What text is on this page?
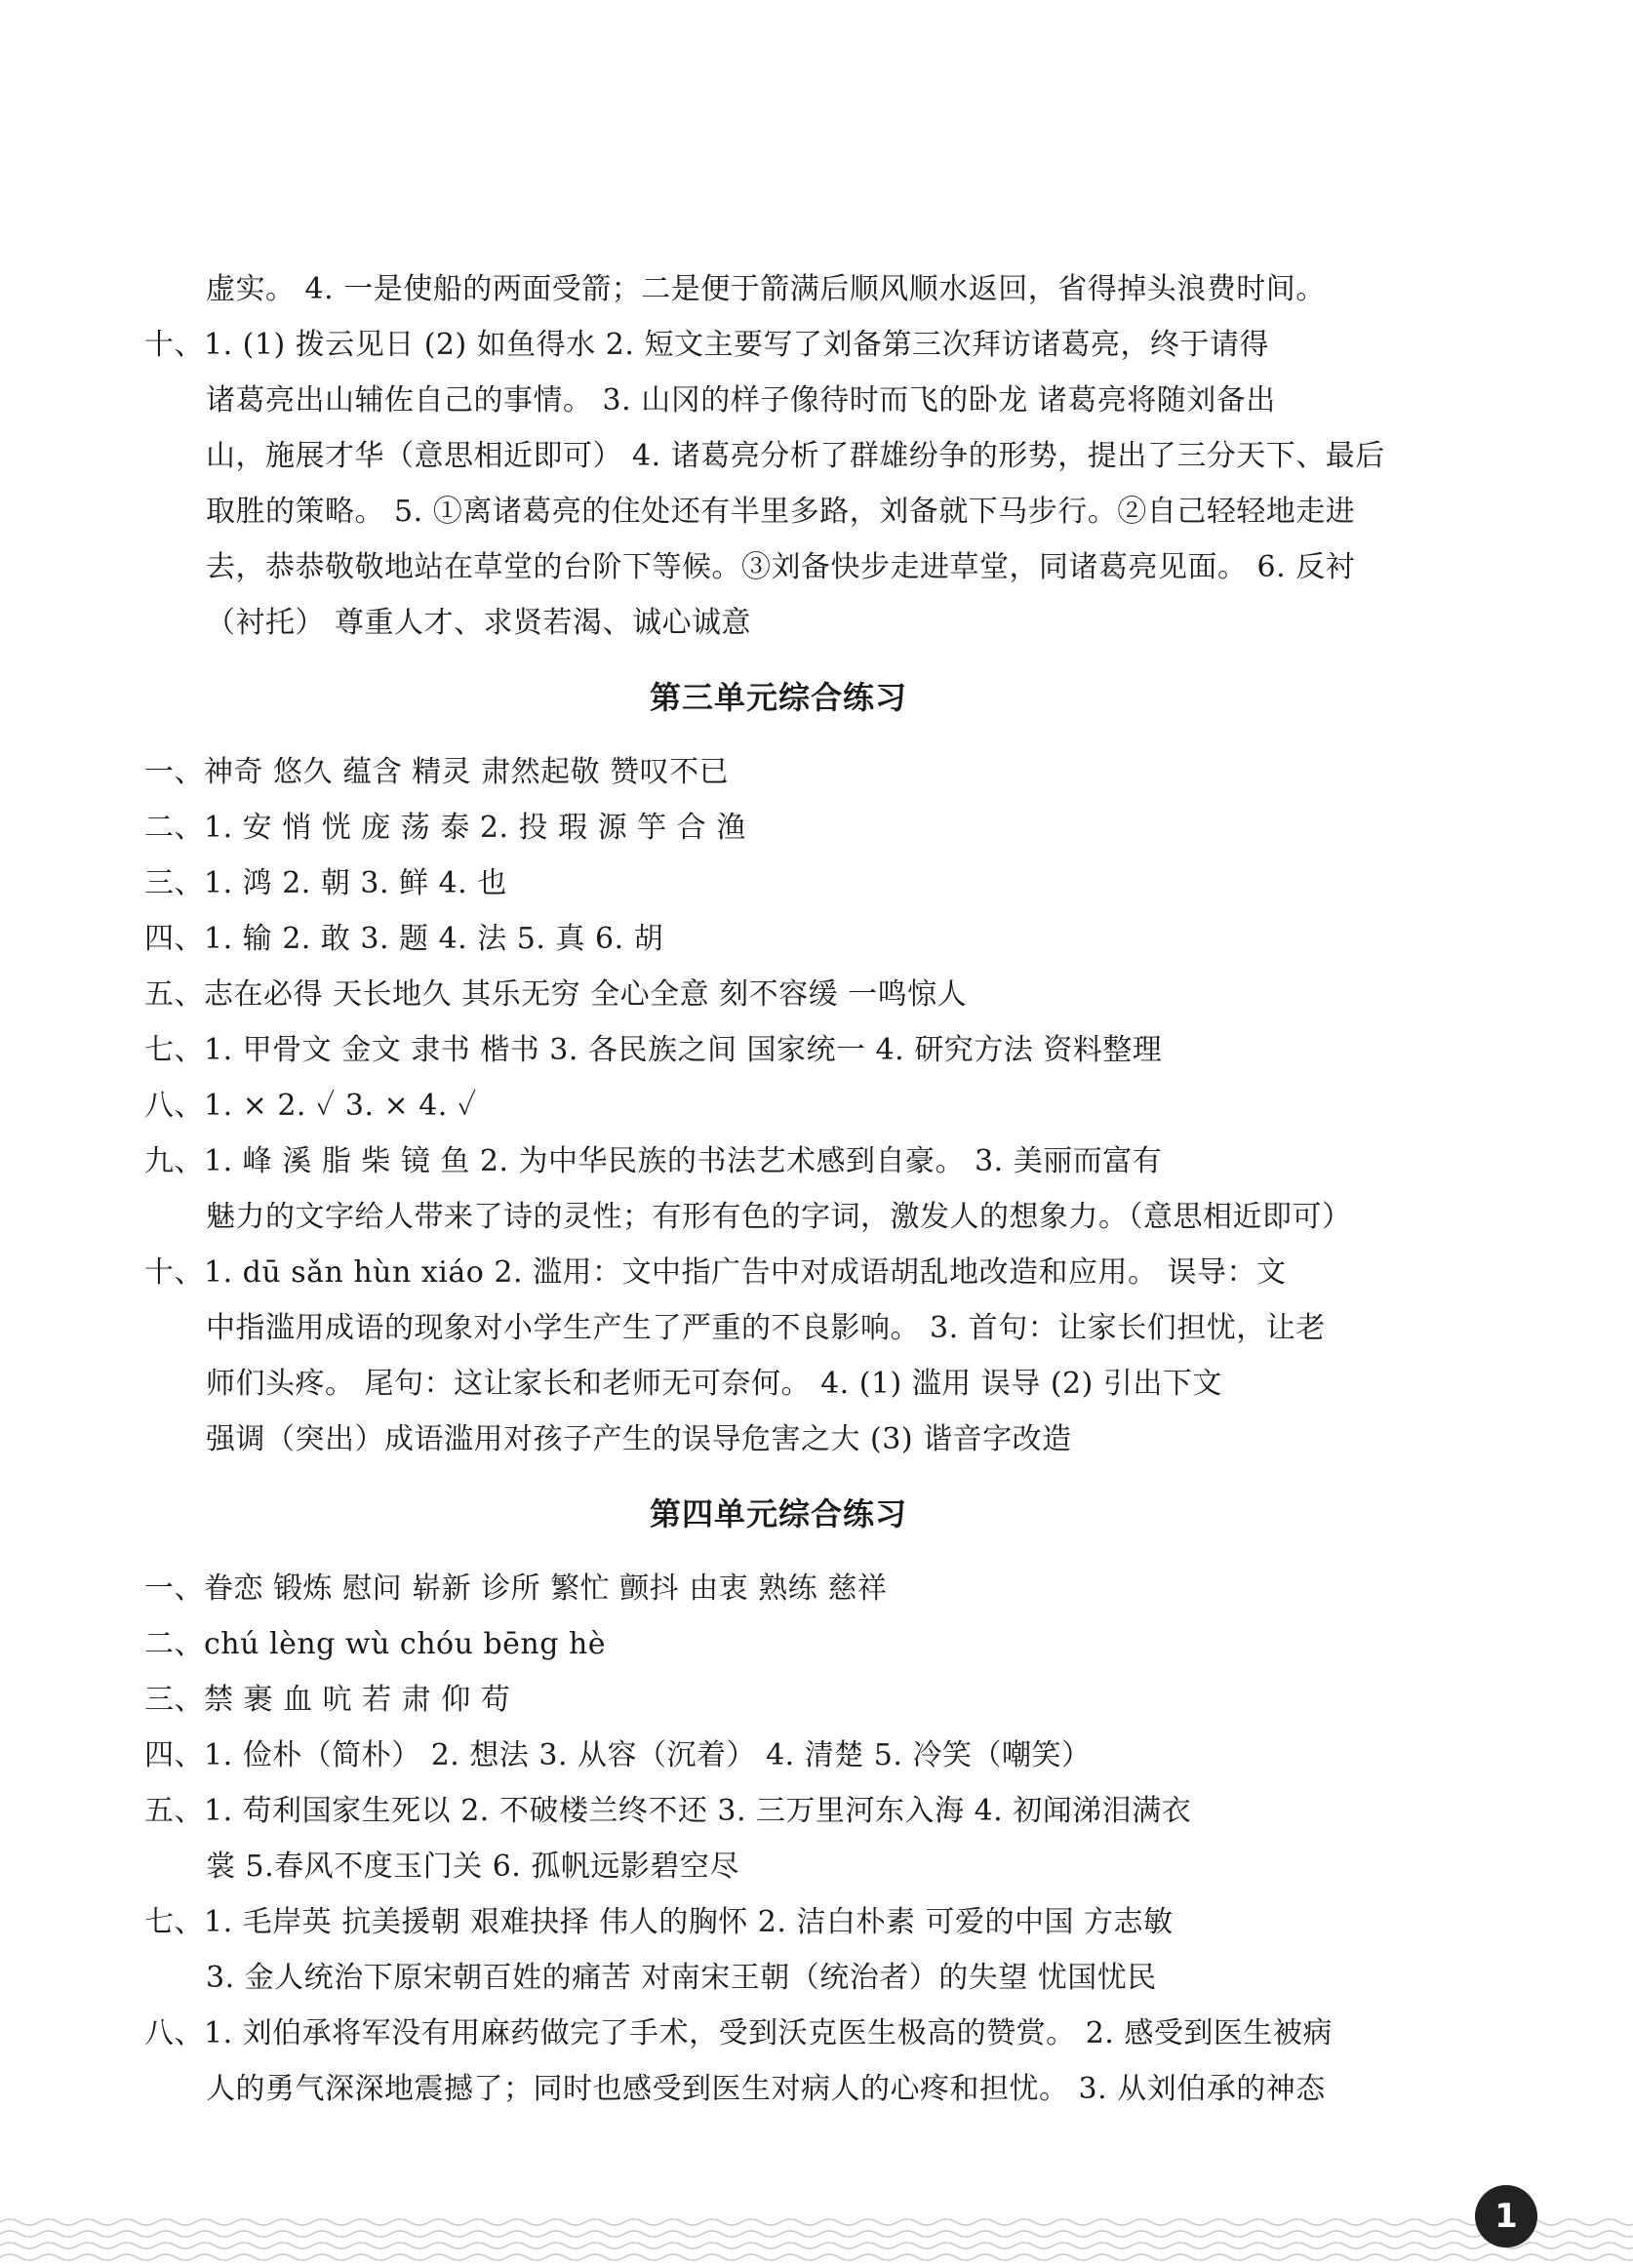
虚实。 4. 一是使船的两面受箭；二是便于箭满后顺风顺水返回，省得掉头浪费时间。
十、1. (1) 拨云见日 (2) 如鱼得水 2. 短文主要写了刘备第三次拜访诸葛亮，终于请得
诸葛亮出山辅佐自己的事情。 3. 山冈的样子像待时而飞的卧龙 诸葛亮将随刘备出
山，施展才华（意思相近即可） 4. 诸葛亮分析了群雄纷争的形势，提出了三分天下、最后
取胜的策略。 5. ①离诸葛亮的住处还有半里多路，刘备就下马步行。②自己轻轻地走进
去，恭恭敬敬地站在草堂的台阶下等候。③刘备快步走进草堂，同诸葛亮见面。 6. 反衬
（衬托） 尊重人才、求贤若渴、诚心诚意
第三单元综合练习
一、神奇 悠久 蕴含 精灵 肃然起敬 赞叹不已
二、1. 安 悄 恍 庞 荡 泰 2. 投 瑕 源 竽 合 渔
三、1. 鸿 2. 朝 3. 鲜 4. 也
四、1. 输 2. 敢 3. 题 4. 法 5. 真 6. 胡
五、志在必得 天长地久 其乐无穷 全心全意 刻不容缓 一鸣惊人
七、1. 甲骨文 金文 隶书 楷书 3. 各民族之间 国家统一 4. 研究方法 资料整理
八、1. × 2. ✓ 3. × 4. ✓
九、1. 峰 溪 脂 柴 镜 鱼 2. 为中华民族的书法艺术感到自豪。 3. 美丽而富有
魅力的文字给人带来了诗的灵性；有形有色的字词，激发人的想象力。（意思相近即可）
十、1. dū sǎn hùn xiáo 2. 滥用：文中指广告中对成语胡乱地改造和应用。 误导：文
中指滥用成语的现象对小学生产生了严重的不良影响。 3. 首句：让家长们担忧，让老
师们头疼。 尾句：这让家长和老师无可奈何。 4. (1) 滥用 误导 (2) 引出下文
强调（突出）成语滥用对孩子产生的误导危害之大 (3) 谐音字改造
第四单元综合练习
一、眷恋 锻炼 慰问 崭新 诊所 繁忙 颤抖 由衷 熟练 慈祥
二、chú lèng wù chóu bēng hè
三、禁 裹 血 吭 若 肃 仰 苟
四、1. 俭朴（简朴） 2. 想法 3. 从容（沉着） 4. 清楚 5. 冷笑（嘲笑）
五、1. 苟利国家生死以 2. 不破楼兰终不还 3. 三万里河东入海 4. 初闻涕泪满衣
裳 5.春风不度玉门关 6. 孤帆远影碧空尽
七、1. 毛岸英 抗美援朝 艰难抉择 伟人的胸怀 2. 洁白朴素 可爱的中国 方志敏
3. 金人统治下原宋朝百姓的痛苦 对南宋王朝（统治者）的失望 忧国忧民
八、1. 刘伯承将军没有用麻药做完了手术，受到沃克医生极高的赞赏。 2. 感受到医生被病
人的勇气深深地震撼了；同时也感受到医生对病人的心疼和担忧。 3. 从刘伯承的神态
1
